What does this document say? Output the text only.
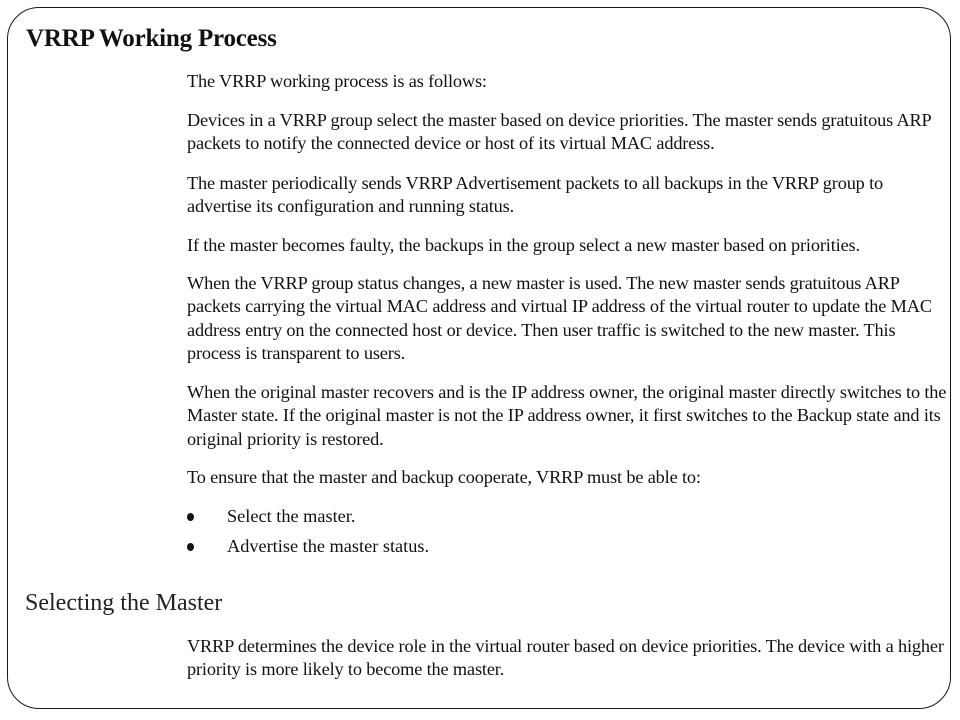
VRRP Working Process
The VRRP working process is as follows:
Devices in a VRRP group select the master based on device priorities. The master sends gratuitous ARP packets to notify the connected device or host of its virtual MAC address.
The master periodically sends VRRP Advertisement packets to all backups in the VRRP group to advertise its configuration and running status.
If the master becomes faulty, the backups in the group select a new master based on priorities.
When the VRRP group status changes, a new master is used. The new master sends gratuitous ARP packets carrying the virtual MAC address and virtual IP address of the virtual router to update the MAC address entry on the connected host or device. Then user traffic is switched to the new master. This process is transparent to users.
When the original master recovers and is the IP address owner, the original master directly switches to the Master state. If the original master is not the IP address owner, it first switches to the Backup state and its original priority is restored.
To ensure that the master and backup cooperate, VRRP must be able to:
Select the master.
Advertise the master status.
Selecting the Master
VRRP determines the device role in the virtual router based on device priorities. The device with a higher priority is more likely to become the master.
